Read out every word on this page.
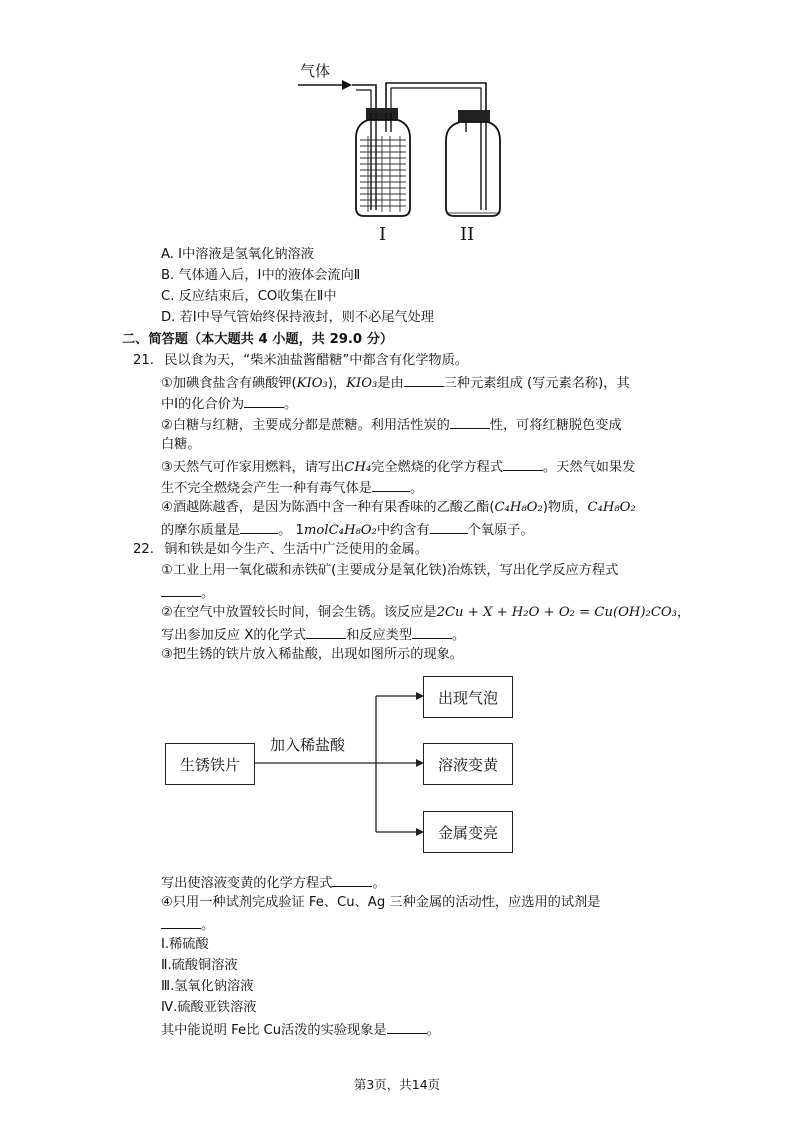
气体
I	II
A. I中溶液是氢氧化钠溶液
B. 气体通入后，I中的液体会流向Ⅱ
C. 反应结束后，CO收集在Ⅱ中
D. 若I中导气管始终保持液封，则不必尾气处理
二、简答题（本大题共 4 小题，共 29.0 分）
21. 民以食为天，“柴米油盐酱醋糖”中都含有化学物质。
①加碘食盐含有碘酸钾(KIO₃)，KIO₃是由	三种元素组成 (写元素名称)，其
中I的化合价为	。
②白糖与红糖，主要成分都是蔗糖。利用活性炭的	性，可将红糖脱色变成
白糖。
③天然气可作家用燃料，请写出CH₄完全燃烧的化学方程式	。天然气如果发
生不完全燃烧会产生一种有毒气体是	。
④酒越陈越香，是因为陈酒中含一种有果香味的乙酸乙酯(C₄H₈O₂)物质，C₄H₈O₂
的摩尔质量是	。 1molC₄H₈O₂中约含有	个氧原子。
22. 铜和铁是如今生产、生活中广泛使用的金属。
①工业上用一氧化碳和赤铁矿(主要成分是氧化铁)冶炼铁，写出化学反应方程式
。
②在空气中放置较长时间，铜会生锈。该反应是2Cu + X + H₂O + O₂ = Cu(OH)₂CO₃，
写出参加反应 X的化学式	和反应类型	。
③把生锈的铁片放入稀盐酸，出现如图所示的现象。
生锈铁片
加入稀盐酸
出现气泡
溶液变黄
金属变亮
写出使溶液变黄的化学方程式	。
④只用一种试剂完成验证 Fe、Cu、Ag 三种金属的活动性，应选用的试剂是
。
Ⅰ.稀硫酸
Ⅱ.硫酸铜溶液
Ⅲ.氢氧化钠溶液
Ⅳ.硫酸亚铁溶液
其中能说明 Fe比 Cu活泼的实验现象是	。
第3页，共14页
